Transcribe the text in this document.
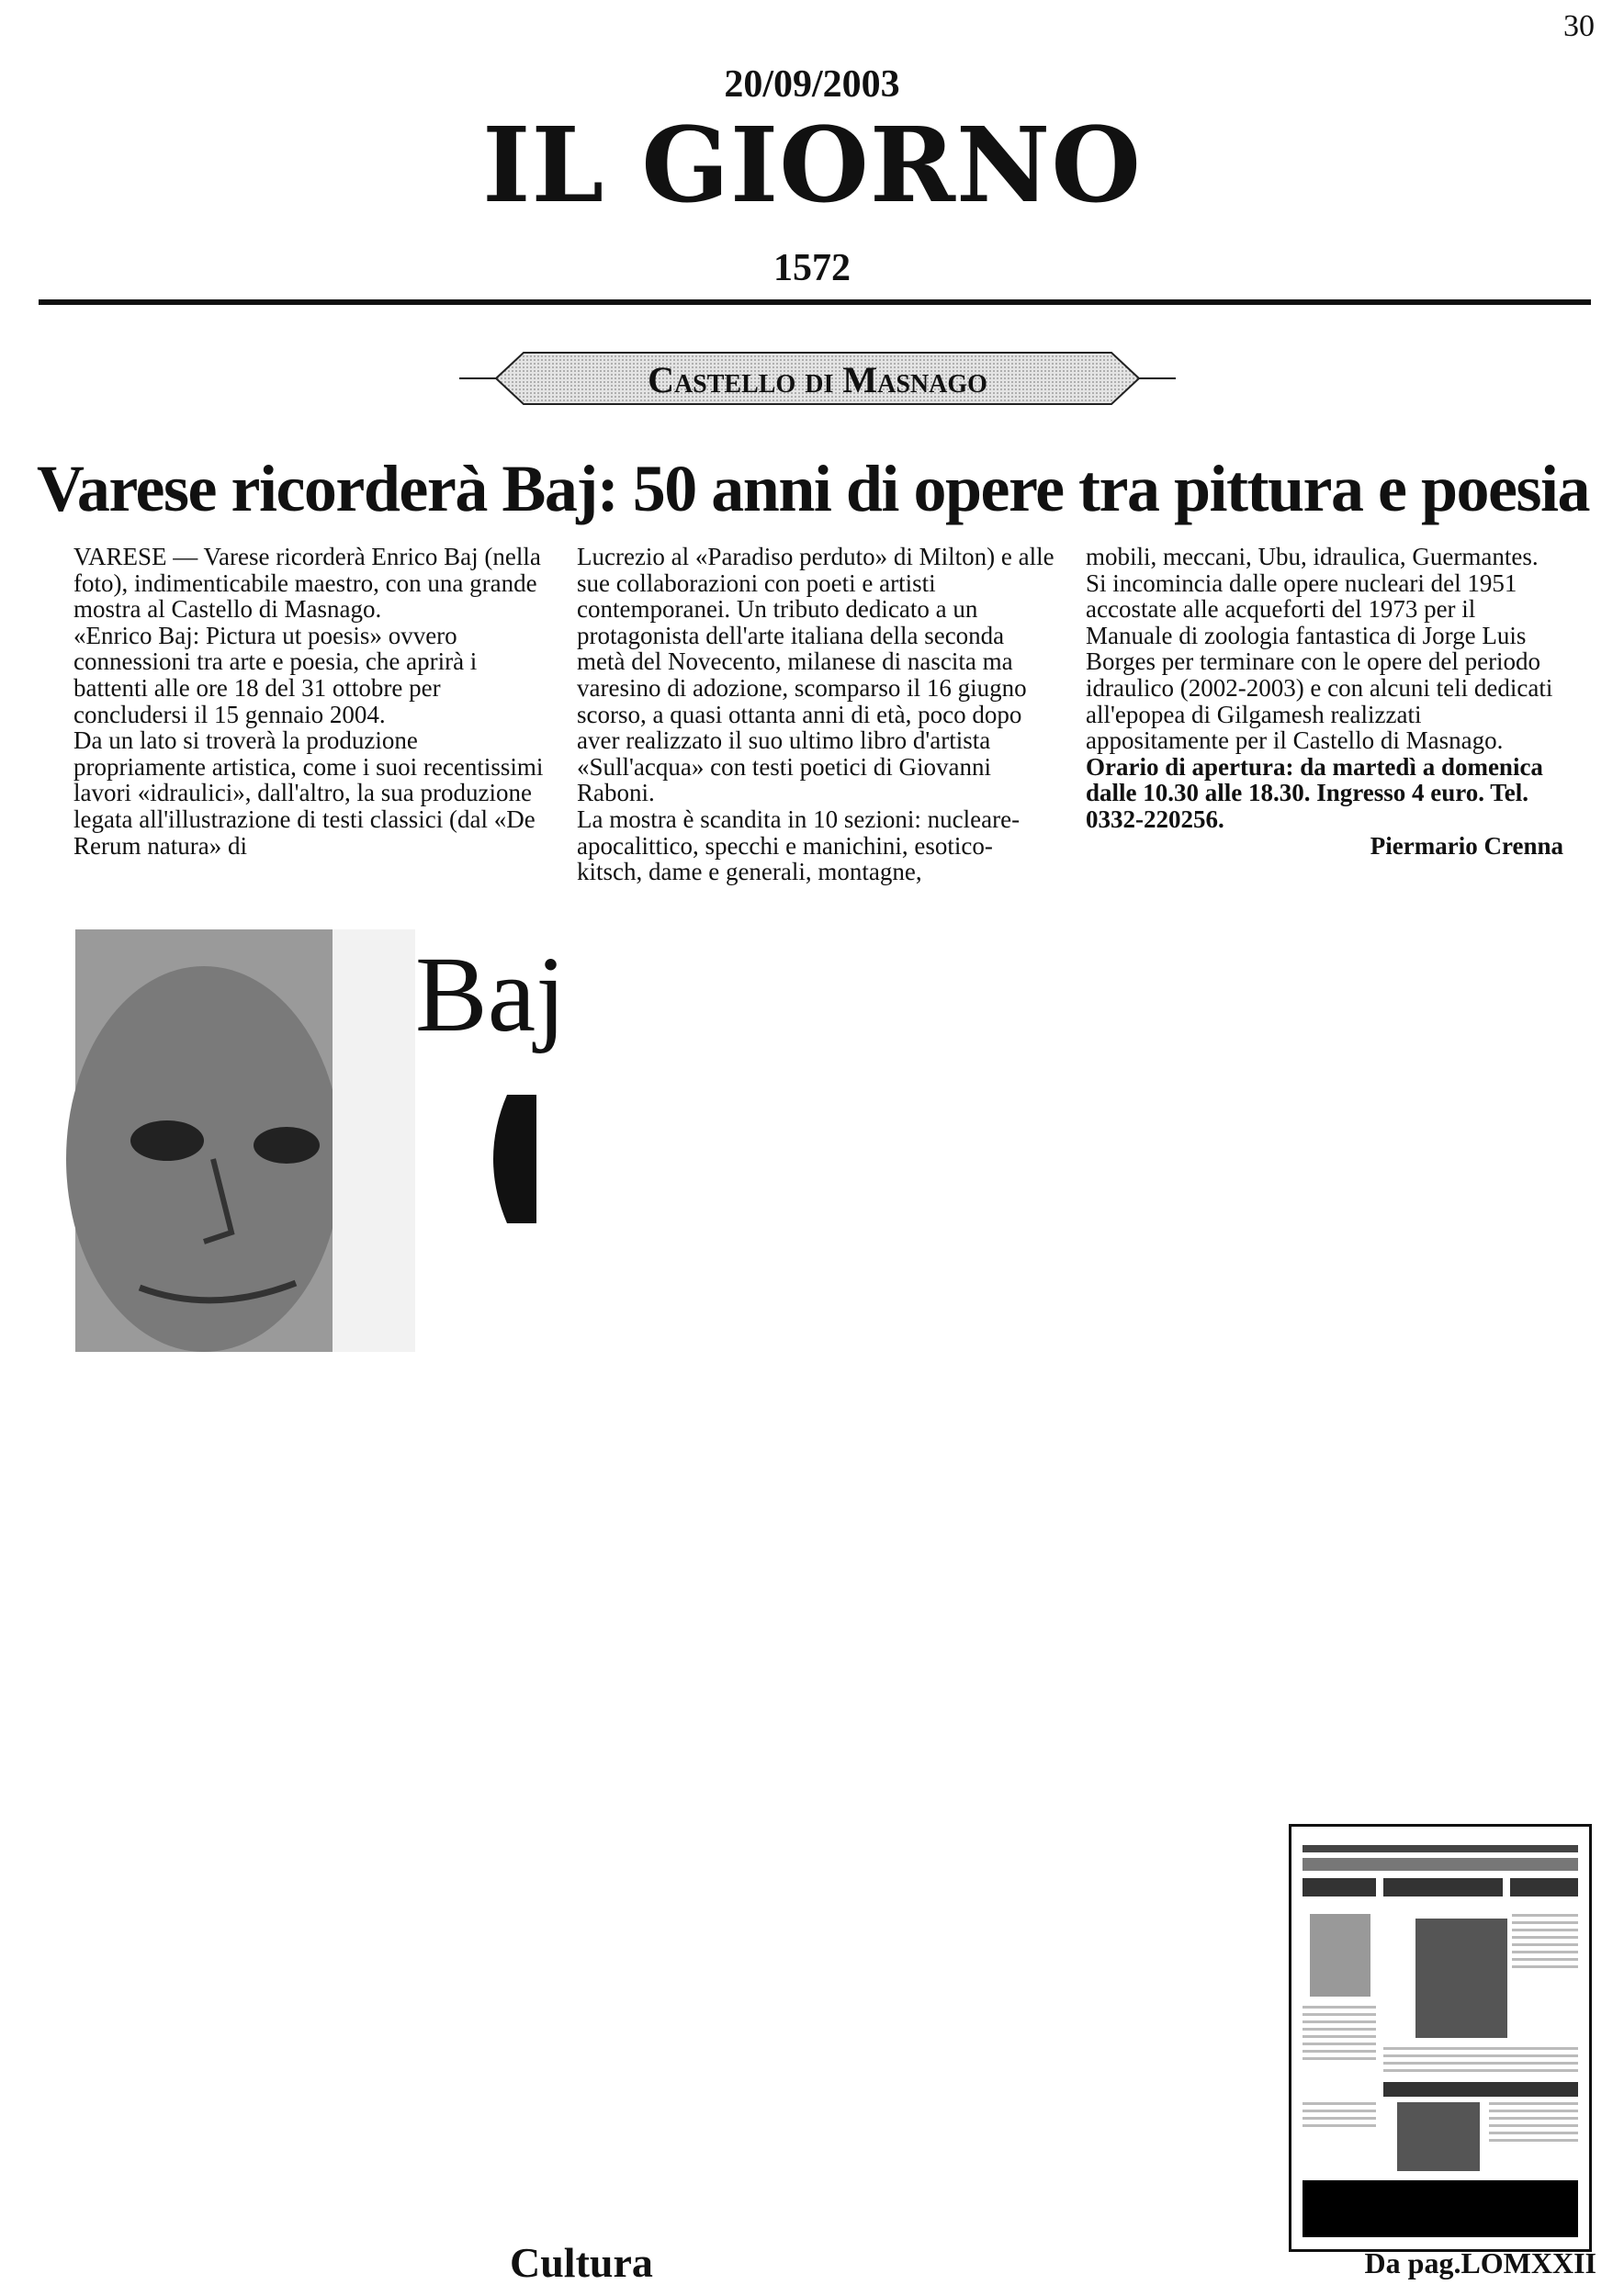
30
20/09/2003
IL GIORNO
1572
Castello di Masnago
Varese ricorderà Baj: 50 anni di opere tra pittura e poesia

VARESE — Varese ricorderà Enrico Baj (nella foto), indimenticabile maestro, con una grande mostra al Castello di Masnago.

«Enrico Baj: Pictura ut poesis» ovvero connessioni tra arte e poesia, che aprirà i battenti alle ore 18 del 31 ottobre per concludersi il 15 gennaio 2004.

Da un lato si troverà la produzione propriamente artistica, come i suoi recentissimi lavori «idraulici», dall'altro, la sua produzione legata all'illustrazione di testi classici (dal «De Rerum natura» di

Lucrezio al «Paradiso perduto» di Milton) e alle sue collaborazioni con poeti e artisti contemporanei. Un tributo dedicato a un protagonista dell'arte italiana della seconda metà del Novecento, milanese di nascita ma varesino di adozione, scomparso il 16 giugno scorso, a quasi ottanta anni di età, poco dopo aver realizzato il suo ultimo libro d'artista «Sull'acqua» con testi poetici di Giovanni Raboni.

La mostra è scandita in 10 sezioni: nucleare-apocalittico, specchi e manichini, esotico-kitsch, dame e generali, montagne,

mobili, meccani, Ubu, idraulica, Guermantes. Si incomincia dalle opere nucleari del 1951 accostate alle acqueforti del 1973 per il Manuale di zoologia fantastica di Jorge Luis Borges per terminare con le opere del periodo idraulico (2002-2003) e con alcuni teli dedicati all'epopea di Gilgamesh realizzati appositamente per il Castello di Masnago.

Orario di apertura: da martedì a domenica dalle 10.30 alle 18.30. Ingresso 4 euro. Tel. 0332-220256.

Piermario Crenna

Baj
Cultura	Da pag.LOMXXII
